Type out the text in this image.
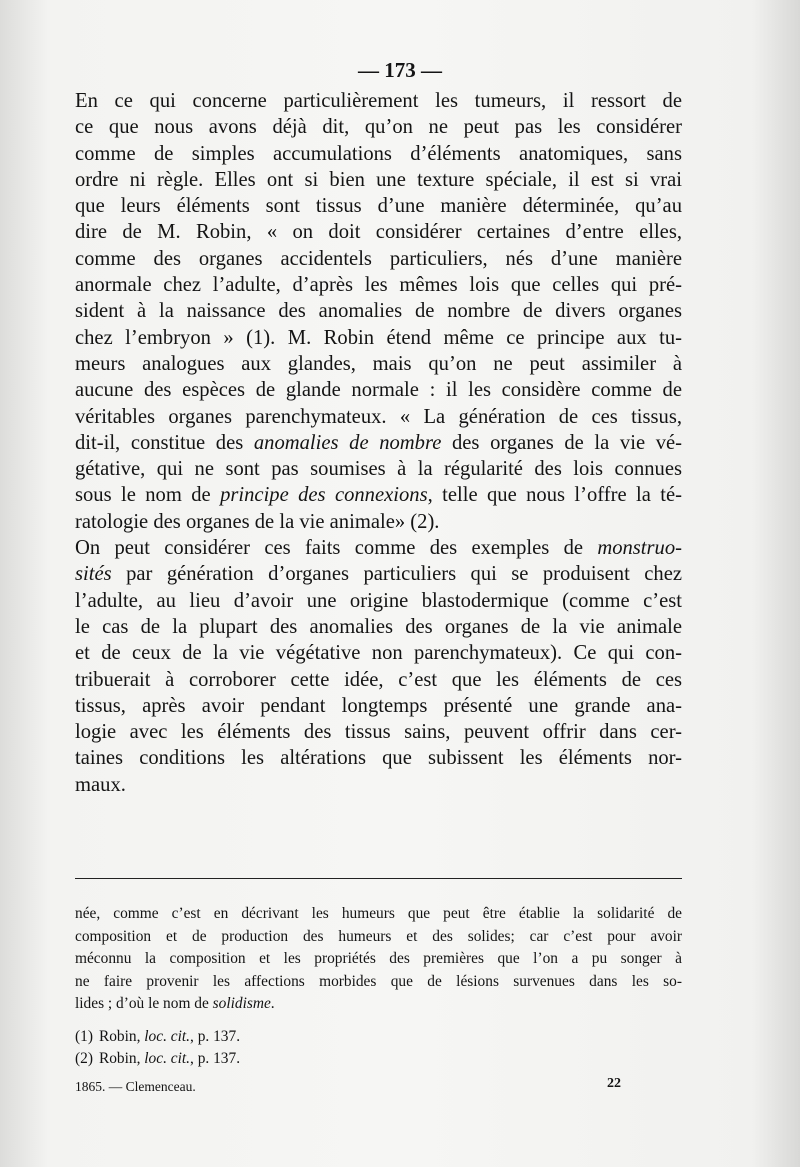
— 173 —
En ce qui concerne particulièrement les tumeurs, il ressort de
ce que nous avons déjà dit, qu’on ne peut pas les considérer
comme de simples accumulations d’éléments anatomiques, sans
ordre ni règle. Elles ont si bien une texture spéciale, il est si vrai
que leurs éléments sont tissus d’une manière déterminée, qu’au
dire de M. Robin, « on doit considérer certaines d’entre elles,
comme des organes accidentels particuliers, nés d’une manière
anormale chez l’adulte, d’après les mêmes lois que celles qui pré-
sident à la naissance des anomalies de nombre de divers organes
chez l’embryon » (1). M. Robin étend même ce principe aux tu-
meurs analogues aux glandes, mais qu’on ne peut assimiler à
aucune des espèces de glande normale : il les considère comme de
véritables organes parenchymateux. « La génération de ces tissus,
dit-il, constitue des anomalies de nombre des organes de la vie vé-
gétative, qui ne sont pas soumises à la régularité des lois connues
sous le nom de principe des connexions, telle que nous l’offre la té-
ratologie des organes de la vie animale» (2).
On peut considérer ces faits comme des exemples de monstruo-
sités par génération d’organes particuliers qui se produisent chez
l’adulte, au lieu d’avoir une origine blastodermique (comme c’est
le cas de la plupart des anomalies des organes de la vie animale
et de ceux de la vie végétative non parenchymateux). Ce qui con-
tribuerait à corroborer cette idée, c’est que les éléments de ces
tissus, après avoir pendant longtemps présenté une grande ana-
logie avec les éléments des tissus sains, peuvent offrir dans cer-
taines conditions les altérations que subissent les éléments nor-
maux.
née, comme c’est en décrivant les humeurs que peut être établie la solidarité de
composition et de production des humeurs et des solides; car c’est pour avoir
méconnu la composition et les propriétés des premières que l’on a pu songer à
ne faire provenir les affections morbides que de lésions survenues dans les so-
lides ; d’où le nom de solidisme.
(1) Robin, loc. cit., p. 137.
(2) Robin, loc. cit., p. 137.
1865. — Clemenceau.	22
